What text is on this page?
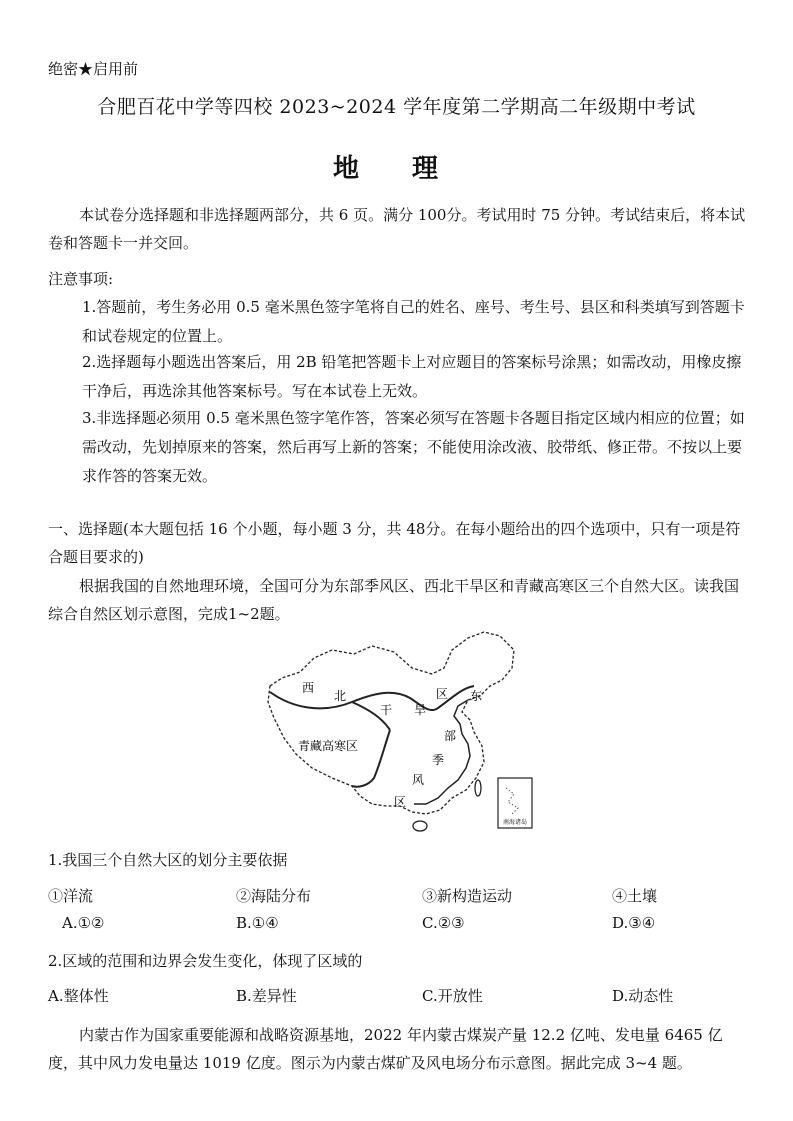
绝密★启用前
合肥百花中学等四校 2023~2024 学年度第二学期高二年级期中考试
地 理
本试卷分选择题和非选择题两部分，共 6 页。满分 100分。考试用时 75 分钟。考试结束后，将本试卷和答题卡一并交回。
注意事项:
1.答题前，考生务必用 0.5 毫米黑色签字笔将自己的姓名、座号、考生号、县区和科类填写到答题卡和试卷规定的位置上。
2.选择题每小题选出答案后，用 2B 铅笔把答题卡上对应题目的答案标号涂黑；如需改动，用橡皮擦干净后，再选涂其他答案标号。写在本试卷上无效。
3.非选择题必须用 0.5 毫米黑色签字笔作答，答案必须写在答题卡各题目指定区域内相应的位置；如需改动，先划掉原来的答案，然后再写上新的答案；不能使用涂改液、胶带纸、修正带。不按以上要求作答的答案无效。
一、选择题(本大题包括 16 个小题，每小题 3 分，共 48分。在每小题给出的四个选项中，只有一项是符合题目要求的)
根据我国的自然地理环境，全国可分为东部季风区、西北干旱区和青藏高寒区三个自然大区。读我国综合自然区划示意图，完成1~2题。
南海诸岛
西
北
干 旱
区 东
青藏高寒区
部
季
风
区
1.我国三个自然大区的划分主要依据
①洋流	②海陆分布	③新构造运动	④土壤
A.①②	B.①④	C.②③	D.③④
2.区域的范围和边界会发生变化，体现了区域的
A.整体性	B.差异性	C.开放性	D.动态性
内蒙古作为国家重要能源和战略资源基地，2022 年内蒙古煤炭产量 12.2 亿吨、发电量 6465 亿度，其中风力发电量达 1019 亿度。图示为内蒙古煤矿及风电场分布示意图。据此完成 3~4 题。
